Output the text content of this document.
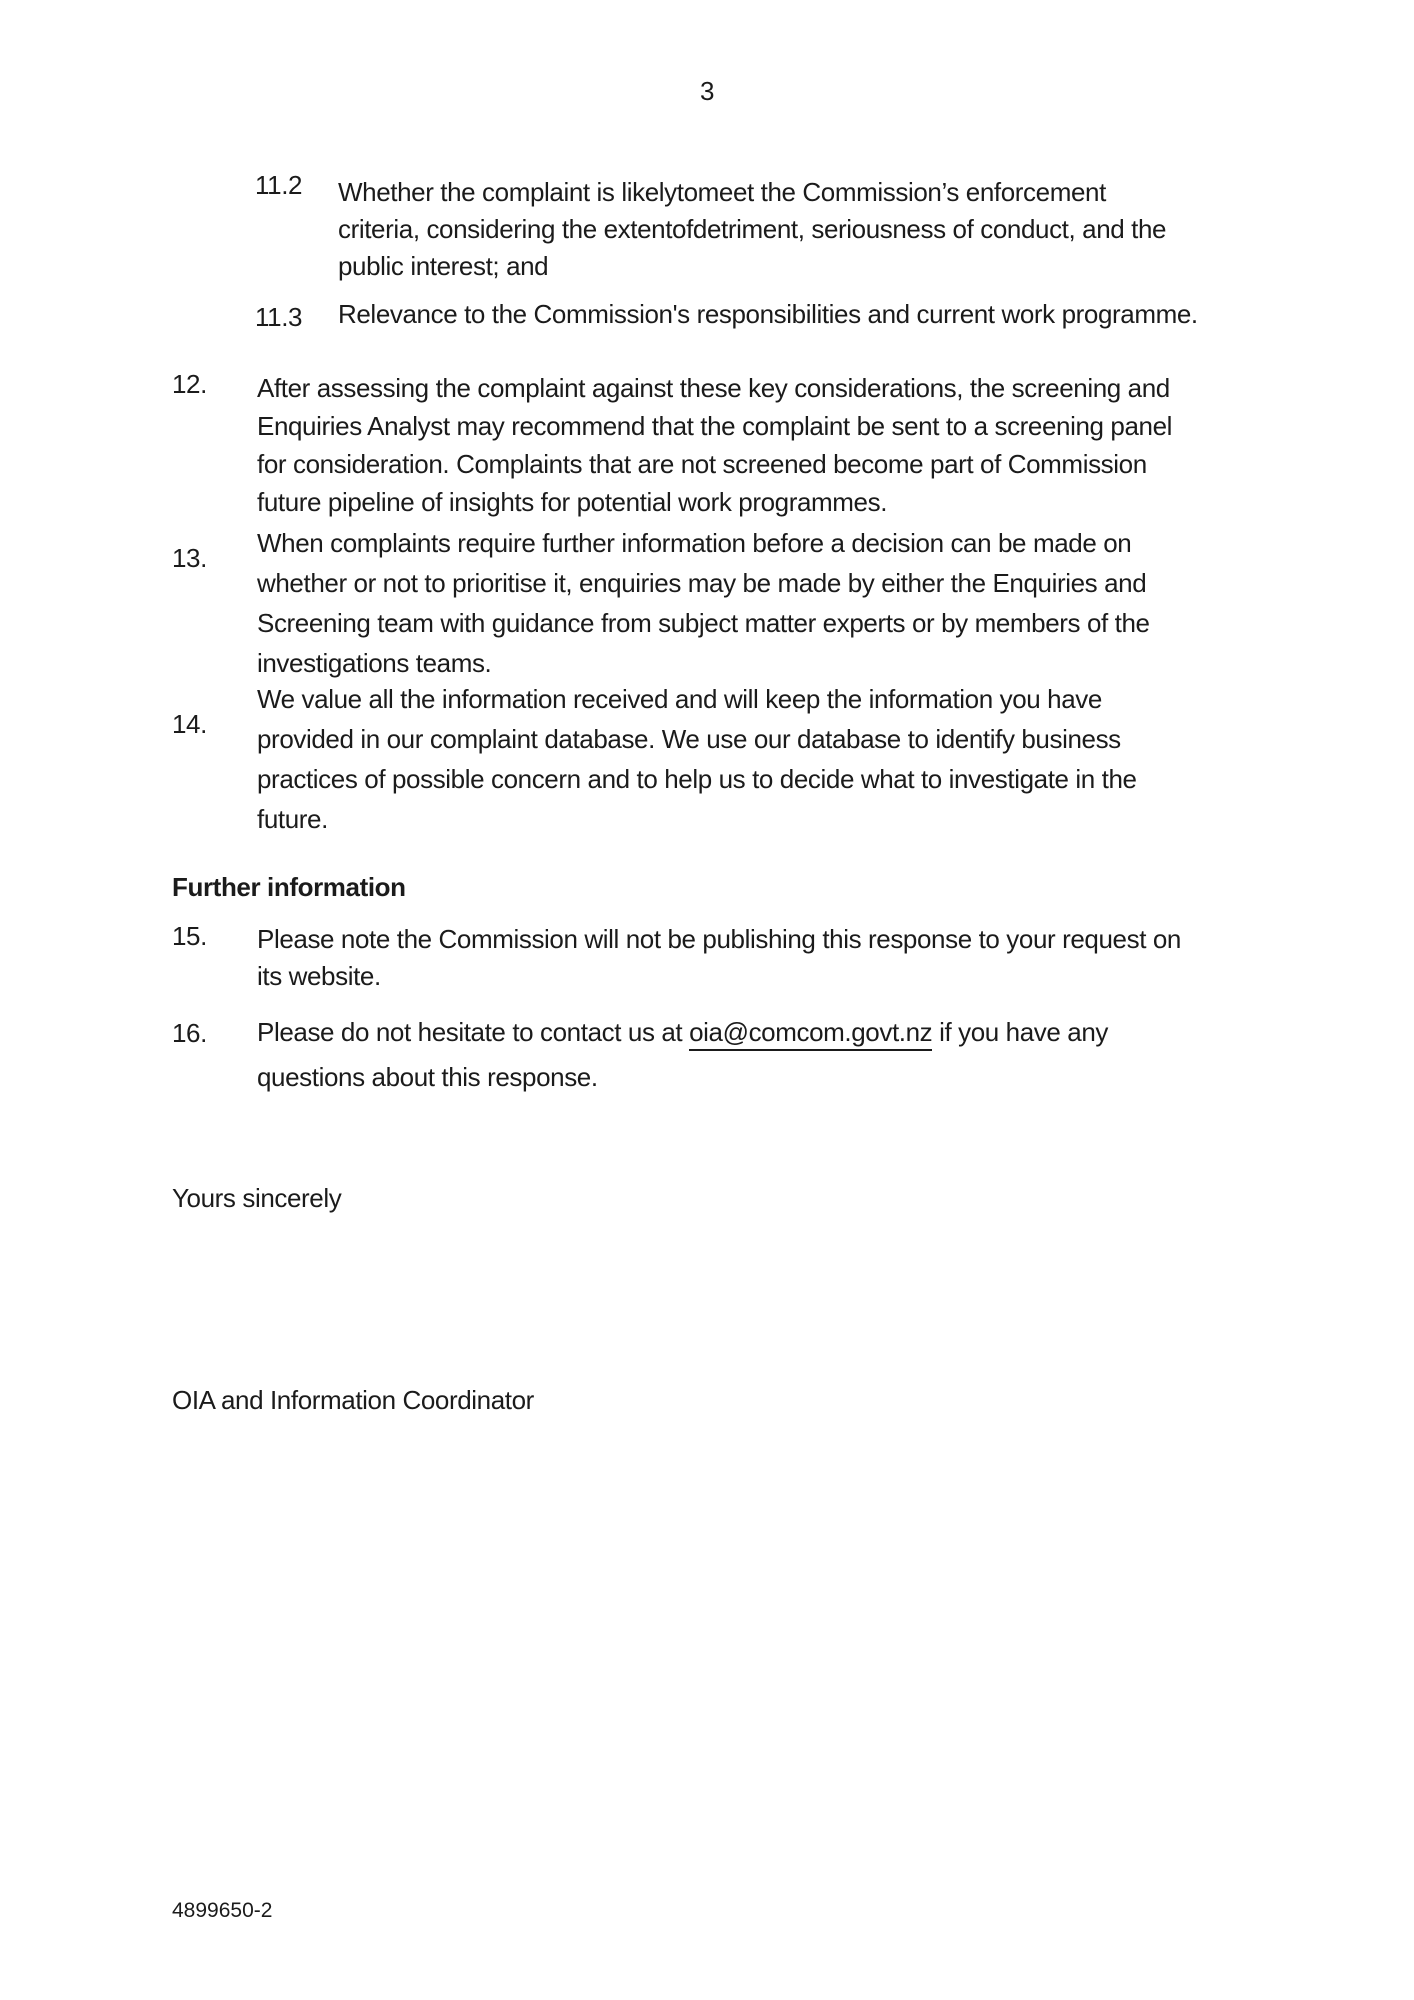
3
11.2 Whether the complaint is likelytomeet the Commission’s enforcement
criteria, considering the extentofdetriment, seriousness of conduct, and the
public interest; and
11.3 Relevance to the Commission's responsibilities and current work programme.
12. After assessing the complaint against these key considerations, the screening and
Enquiries Analyst may recommend that the complaint be sent to a screening panel
for consideration. Complaints that are not screened become part of Commission
future pipeline of insights for potential work programmes.
13. When complaints require further information before a decision can be made on
whether or not to prioritise it, enquiries may be made by either the Enquiries and
Screening team with guidance from subject matter experts or by members of the
investigations teams.
14.
We value all the information received and will keep the information you have
provided in our complaint database. We use our database to identify business
practices of possible concern and to help us to decide what to investigate in the
future.
Further information
15. Please note the Commission will not be publishing this response to your request on
its website.
16. Please do not hesitate to contact us at oia@comcom.govt.nz if you have any
questions about this response.
Yours sincerely
OIA and Information Coordinator
4899650-2
